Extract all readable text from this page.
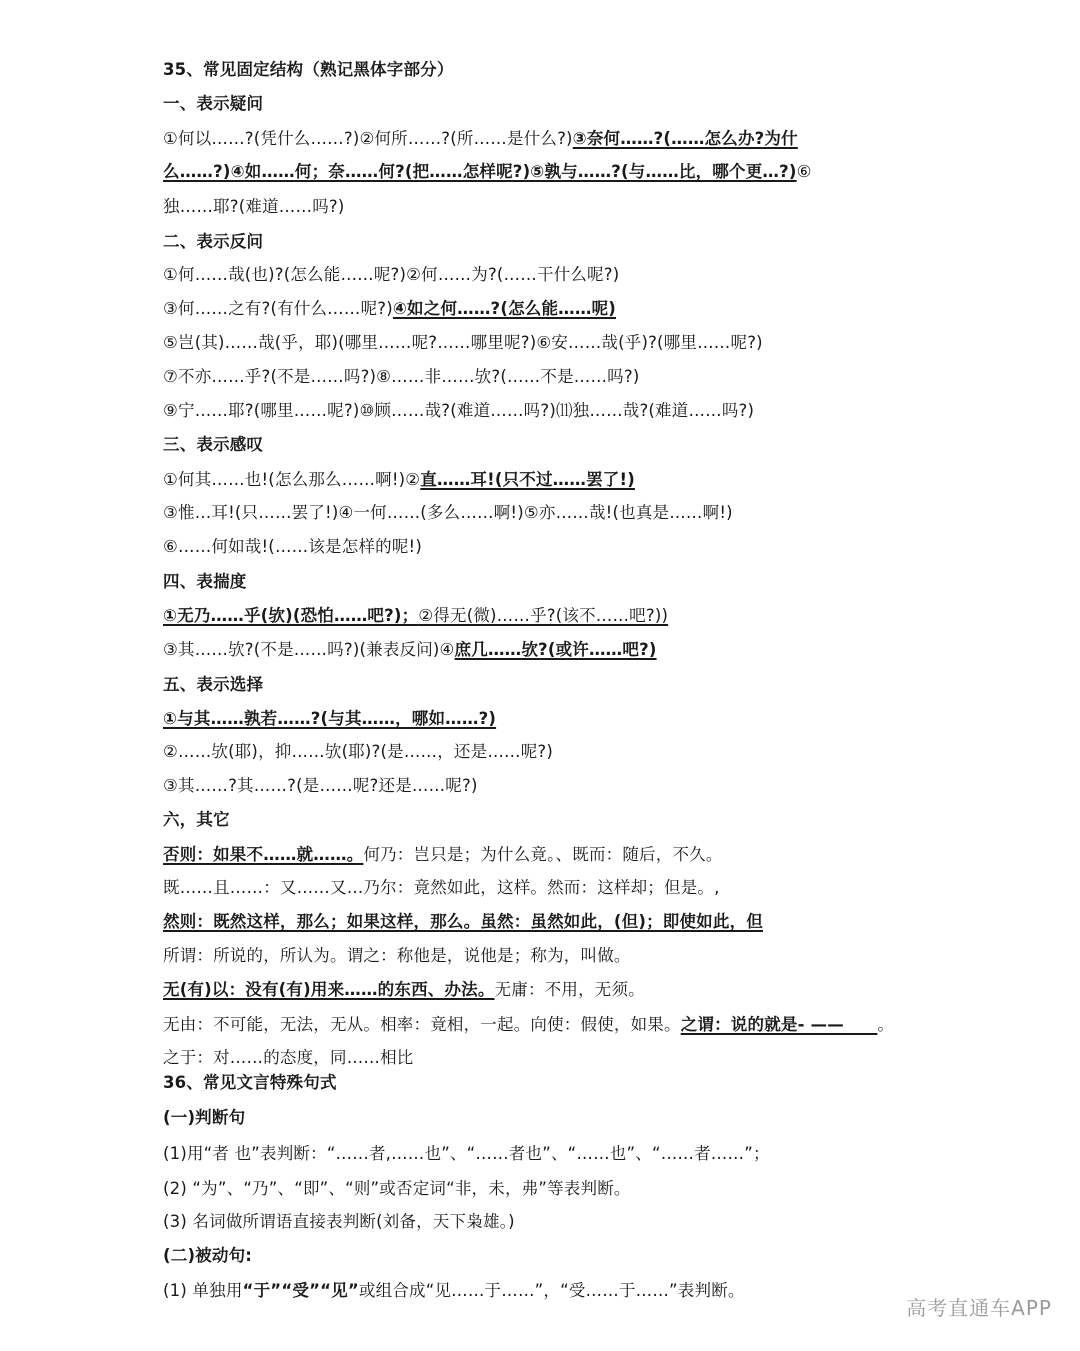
35、常见固定结构（熟记黑体字部分）
一、表示疑问
①何以……?(凭什么……?)②何所……?(所……是什么?)③奈何……?(……怎么办?为什
么……?)④如……何；奈……何?(把……怎样呢?)⑤孰与……?(与……比，哪个更…?)⑥
独……耶?(难道……吗?)
二、表示反问
①何……哉(也)?(怎么能……呢?)②何……为?(……干什么呢?)
③何……之有?(有什么……呢?)④如之何……?(怎么能……呢)
⑤岂(其)……哉(乎，耶)(哪里……呢?……哪里呢?)⑥安……哉(乎)?(哪里……呢?)
⑦不亦……乎?(不是……吗?)⑧……非……欤?(……不是……吗?)
⑨宁……耶?(哪里……呢?)⑩顾……哉?(难道……吗?)⑾独……哉?(难道……吗?)
三、表示感叹
①何其……也!(怎么那么……啊!)②直……耳!(只不过……罢了!)
③惟…耳!(只……罢了!)④一何……(多么……啊!)⑤亦……哉!(也真是……啊!)
⑥……何如哉!(……该是怎样的呢!)
四、表揣度
①无乃……乎(欤)(恐怕……吧?)；②得无(微)……乎?(该不……吧?))
③其……欤?(不是……吗?)(兼表反问)④庶几……欤?(或许……吧?)
五、表示选择
①与其……孰若……?(与其……，哪如……?)
②……欤(耶)，抑……欤(耶)?(是……，还是……呢?)
③其……?其……?(是……呢?还是……呢?)
六，其它
否则：如果不……就……。何乃：岂只是；为什么竟。、既而：随后，不久。
既……且……：又……又…乃尔：竟然如此，这样。然而：这样却；但是。,
然则：既然这样，那么；如果这样，那么。虽然：虽然如此，(但)；即使如此，但
所谓：所说的，所认为。谓之：称他是，说他是；称为，叫做。
无(有)以：没有(有)用来……的东西、办法。无庸：不用，无须。
无由：不可能，无法，无从。相率：竟相，一起。向使：假使，如果。之谓：说的就是- ——　　。
之于：对……的态度，同……相比
36、常见文言特殊句式
(一)判断句
(1)用“者 也”表判断：“……者,……也”、“……者也”、“……也”、“……者……”；
(2) “为”、“乃”、“即”、“则”或否定词“非，未，弗”等表判断。
(3) 名词做所谓语直接表判断(刘备，天下枭雄。)
(二)被动句:
(1) 单独用“于”“受”“见”或组合成“见……于……”，“受……于……”表判断。
高考直通车APP
